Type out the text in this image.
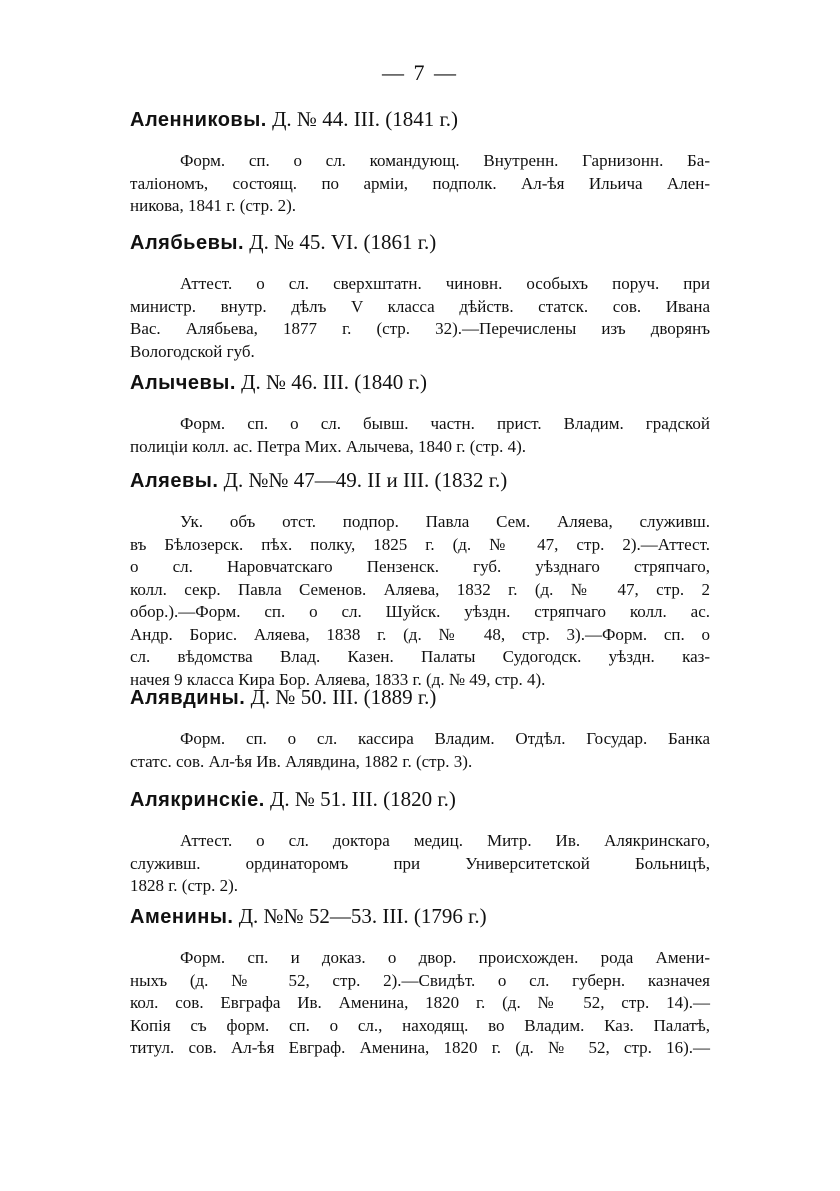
— 7 —
Аленниковы. Д. № 44. III. (1841 г.)
Форм. сп. о сл. командующ. Внутренн. Гарнизонн. Ба-
таліономъ, состоящ. по арміи, подполк. Ал-ѣя Ильича Ален-
никова, 1841 г. (стр. 2).
Алябьевы. Д. № 45. VI. (1861 г.)
Аттест. о сл. сверхштатн. чиновн. особыхъ поруч. при
министр. внутр. дѣлъ V класса дѣйств. статск. сов. Ивана
Вас. Алябьева, 1877 г. (стр. 32).—Перечислены изъ дворянъ
Вологодской губ.
Алычевы. Д. № 46. III. (1840 г.)
Форм. сп. о сл. бывш. частн. прист. Владим. градской
полиціи колл. ас. Петра Мих. Алычева, 1840 г. (стр. 4).
Аляевы. Д. №№ 47—49. II и III. (1832 г.)
Ук. объ отст. подпор. Павла Сем. Аляева, служивш.
въ Бѣлозерск. пѣх. полку, 1825 г. (д. № 47, стр. 2).—Аттест.
о сл. Наровчатскаго Пензенск. губ. уѣзднаго стряпчаго,
колл. секр. Павла Семенов. Аляева, 1832 г. (д. № 47, стр. 2
обор.).—Форм. сп. о сл. Шуйск. уѣздн. стряпчаго колл. ас.
Андр. Борис. Аляева, 1838 г. (д. № 48, стр. 3).—Форм. сп. о
сл. вѣдомства Влад. Казен. Палаты Судогодск. уѣздн. каз-
начея 9 класса Кира Бор. Аляева, 1833 г. (д. № 49, стр. 4).
Алявдины. Д. № 50. III. (1889 г.)
Форм. сп. о сл. кассира Владим. Отдѣл. Государ. Банка
статс. сов. Ал-ѣя Ив. Алявдина, 1882 г. (стр. 3).
Алякринскіе. Д. № 51. III. (1820 г.)
Аттест. о сл. доктора медиц. Митр. Ив. Алякринскаго,
служивш. ординаторомъ при Университетской Больницѣ,
1828 г. (стр. 2).
Аменины. Д. №№ 52—53. III. (1796 г.)
Форм. сп. и доказ. о двор. происхожден. рода Амени-
ныхъ (д. № 52, стр. 2).—Свидѣт. о сл. губерн. казначея
кол. сов. Евграфа Ив. Аменина, 1820 г. (д. № 52, стр. 14).—
Копія съ форм. сп. о сл., находящ. во Владим. Каз. Палатѣ,
титул. сов. Ал-ѣя Евграф. Аменина, 1820 г. (д. № 52, стр. 16).—
